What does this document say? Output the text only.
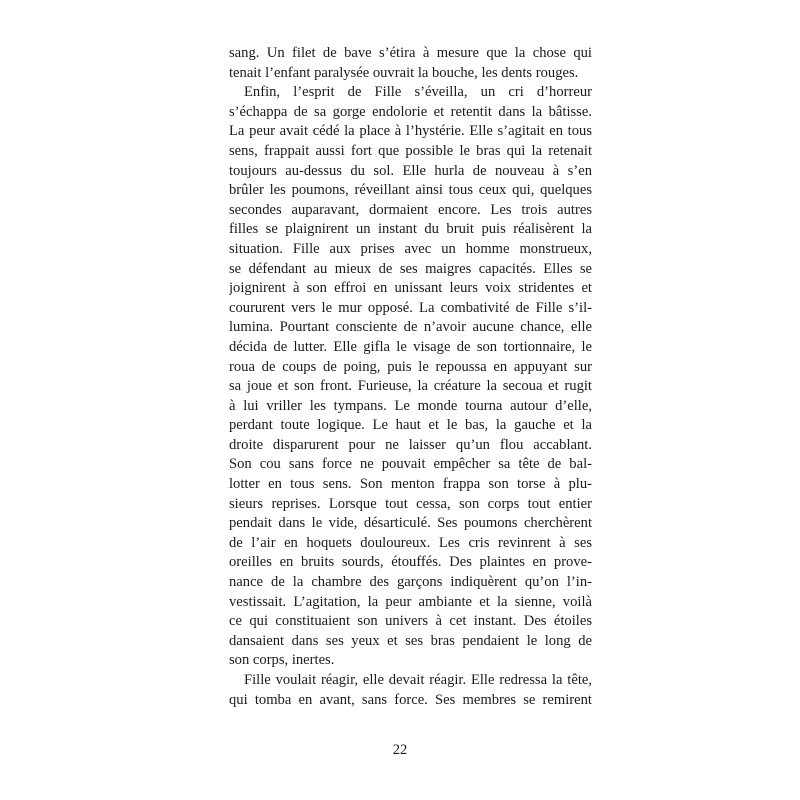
sang. Un filet de bave s’étira à mesure que la chose qui
tenait l’enfant paralysée ouvrait la bouche, les dents rouges.
Enfin, l’esprit de Fille s’éveilla, un cri d’horreur
s’échappa de sa gorge endolorie et retentit dans la bâtisse.
La peur avait cédé la place à l’hystérie. Elle s’agitait en tous
sens, frappait aussi fort que possible le bras qui la retenait
toujours au-dessus du sol. Elle hurla de nouveau à s’en
brûler les poumons, réveillant ainsi tous ceux qui, quelques
secondes auparavant, dormaient encore. Les trois autres
filles se plaignirent un instant du bruit puis réalisèrent la
situation. Fille aux prises avec un homme monstrueux,
se défendant au mieux de ses maigres capacités. Elles se
joignirent à son effroi en unissant leurs voix stridentes et
coururent vers le mur opposé. La combativité de Fille s’il-
lumina. Pourtant consciente de n’avoir aucune chance, elle
décida de lutter. Elle gifla le visage de son tortionnaire, le
roua de coups de poing, puis le repoussa en appuyant sur
sa joue et son front. Furieuse, la créature la secoua et rugit
à lui vriller les tympans. Le monde tourna autour d’elle,
perdant toute logique. Le haut et le bas, la gauche et la
droite disparurent pour ne laisser qu’un flou accablant.
Son cou sans force ne pouvait empêcher sa tête de bal-
lotter en tous sens. Son menton frappa son torse à plu-
sieurs reprises. Lorsque tout cessa, son corps tout entier
pendait dans le vide, désarticulé. Ses poumons cherchèrent
de l’air en hoquets douloureux. Les cris revinrent à ses
oreilles en bruits sourds, étouffés. Des plaintes en prove-
nance de la chambre des garçons indiquèrent qu’on l’in-
vestissait. L’agitation, la peur ambiante et la sienne, voilà
ce qui constituaient son univers à cet instant. Des étoiles
dansaient dans ses yeux et ses bras pendaient le long de
son corps, inertes.
Fille voulait réagir, elle devait réagir. Elle redressa la tête,
qui tomba en avant, sans force. Ses membres se remirent
22
